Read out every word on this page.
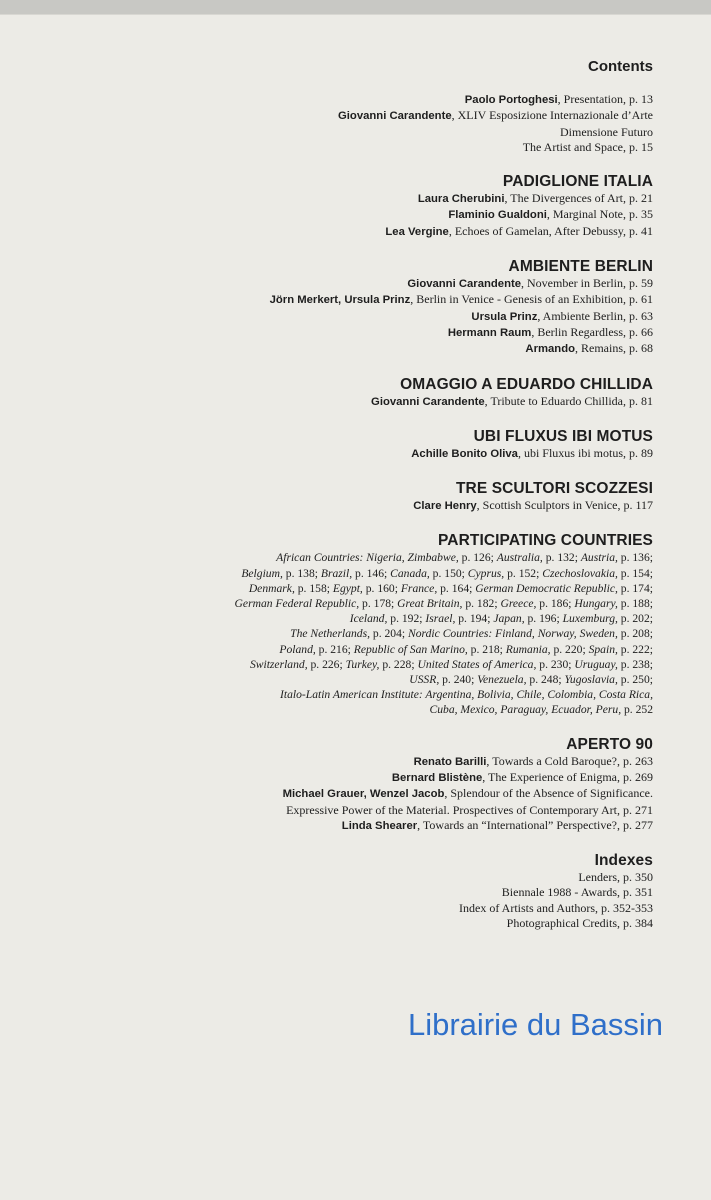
Contents

Paolo Portoghesi, Presentation, p. 13

Giovanni Carandente, XLIV Esposizione Internazionale d’Arte

Dimensione Futuro

The Artist and Space, p. 15

PADIGLIONE ITALIA

Laura Cherubini, The Divergences of Art, p. 21

Flaminio Gualdoni, Marginal Note, p. 35

Lea Vergine, Echoes of Gamelan, After Debussy, p. 41

AMBIENTE BERLIN

Giovanni Carandente, November in Berlin, p. 59

Jörn Merkert, Ursula Prinz, Berlin in Venice - Genesis of an Exhibition, p. 61

Ursula Prinz, Ambiente Berlin, p. 63

Hermann Raum, Berlin Regardless, p. 66

Armando, Remains, p. 68

OMAGGIO A EDUARDO CHILLIDA

Giovanni Carandente, Tribute to Eduardo Chillida, p. 81

UBI FLUXUS IBI MOTUS

Achille Bonito Oliva, ubi Fluxus ibi motus, p. 89

TRE SCULTORI SCOZZESI

Clare Henry, Scottish Sculptors in Venice, p. 117

PARTICIPATING COUNTRIES

African Countries: Nigeria, Zimbabwe, p. 126; Australia, p. 132; Austria, p. 136;

Belgium, p. 138; Brazil, p. 146; Canada, p. 150; Cyprus, p. 152; Czechoslovakia, p. 154;

Denmark, p. 158; Egypt, p. 160; France, p. 164; German Democratic Republic, p. 174;

German Federal Republic, p. 178; Great Britain, p. 182; Greece, p. 186; Hungary, p. 188;

Iceland, p. 192; Israel, p. 194; Japan, p. 196; Luxemburg, p. 202;

The Netherlands, p. 204; Nordic Countries: Finland, Norway, Sweden, p. 208;

Poland, p. 216; Republic of San Marino, p. 218; Rumania, p. 220; Spain, p. 222;

Switzerland, p. 226; Turkey, p. 228; United States of America, p. 230; Uruguay, p. 238;

USSR, p. 240; Venezuela, p. 248; Yugoslavia, p. 250;

Italo-Latin American Institute: Argentina, Bolivia, Chile, Colombia, Costa Rica,

Cuba, Mexico, Paraguay, Ecuador, Peru, p. 252

APERTO 90

Renato Barilli, Towards a Cold Baroque?, p. 263

Bernard Blistène, The Experience of Enigma, p. 269

Michael Grauer, Wenzel Jacob, Splendour of the Absence of Significance.

Expressive Power of the Material. Prospectives of Contemporary Art, p. 271

Linda Shearer, Towards an “International” Perspective?, p. 277

Indexes

Lenders, p. 350

Biennale 1988 - Awards, p. 351

Index of Artists and Authors, p. 352-353

Photographical Credits, p. 384

Librairie du Bassin
